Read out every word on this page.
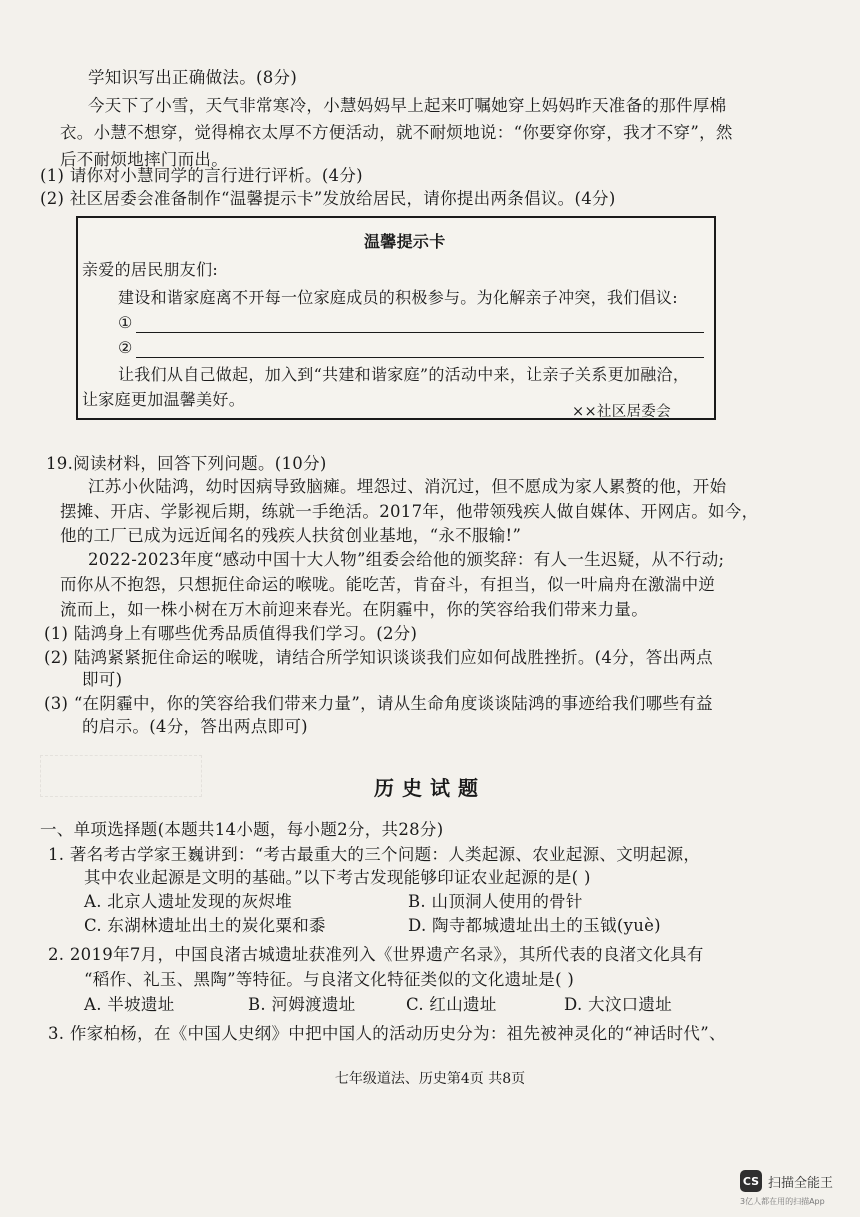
学知识写出正确做法。(8分)
今天下了小雪，天气非常寒冷，小慧妈妈早上起来叮嘱她穿上妈妈昨天准备的那件厚棉
衣。小慧不想穿，觉得棉衣太厚不方便活动，就不耐烦地说：“你要穿你穿，我才不穿”，然
后不耐烦地摔门而出。
(1) 请你对小慧同学的言行进行评析。(4分)
(2) 社区居委会准备制作“温馨提示卡”发放给居民，请你提出两条倡议。(4分)
温馨提示卡
亲爱的居民朋友们:
建设和谐家庭离不开每一位家庭成员的积极参与。为化解亲子冲突，我们倡议:
①
②
让我们从自己做起，加入到“共建和谐家庭”的活动中来，让亲子关系更加融洽，
让家庭更加温馨美好。
××社区居委会
19.阅读材料，回答下列问题。(10分)
江苏小伙陆鸿，幼时因病导致脑瘫。埋怨过、消沉过，但不愿成为家人累赘的他，开始
摆摊、开店、学影视后期，练就一手绝活。2017年，他带领残疾人做自媒体、开网店。如今，
他的工厂已成为远近闻名的残疾人扶贫创业基地，“永不服输!”
2022-2023年度“感动中国十大人物”组委会给他的颁奖辞：有人一生迟疑，从不行动;
而你从不抱怨，只想扼住命运的喉咙。能吃苦，肯奋斗，有担当，似一叶扁舟在激湍中逆
流而上，如一株小树在万木前迎来春光。在阴霾中，你的笑容给我们带来力量。
(1) 陆鸿身上有哪些优秀品质值得我们学习。(2分)
(2) 陆鸿紧紧扼住命运的喉咙，请结合所学知识谈谈我们应如何战胜挫折。(4分，答出两点
即可)
(3) “在阴霾中，你的笑容给我们带来力量”，请从生命角度谈谈陆鸿的事迹给我们哪些有益
的启示。(4分，答出两点即可)
历史试题
一、单项选择题(本题共14小题，每小题2分，共28分)
1. 著名考古学家王巍讲到：“考古最重大的三个问题：人类起源、农业起源、文明起源，
其中农业起源是文明的基础。”以下考古发现能够印证农业起源的是( )
A. 北京人遗址发现的灰烬堆	B. 山顶洞人使用的骨针
C. 东湖林遗址出土的炭化粟和黍	D. 陶寺都城遗址出土的玉钺(yuè)
2. 2019年7月，中国良渚古城遗址获准列入《世界遗产名录》，其所代表的良渚文化具有
“稻作、礼玉、黑陶”等特征。与良渚文化特征类似的文化遗址是( )
A. 半坡遗址	B. 河姆渡遗址	C. 红山遗址	D. 大汶口遗址
3. 作家柏杨，在《中国人史纲》中把中国人的活动历史分为：祖先被神灵化的“神话时代”、
七年级道法、历史第4页 共8页
CS 扫描全能王
3亿人都在用的扫描App
